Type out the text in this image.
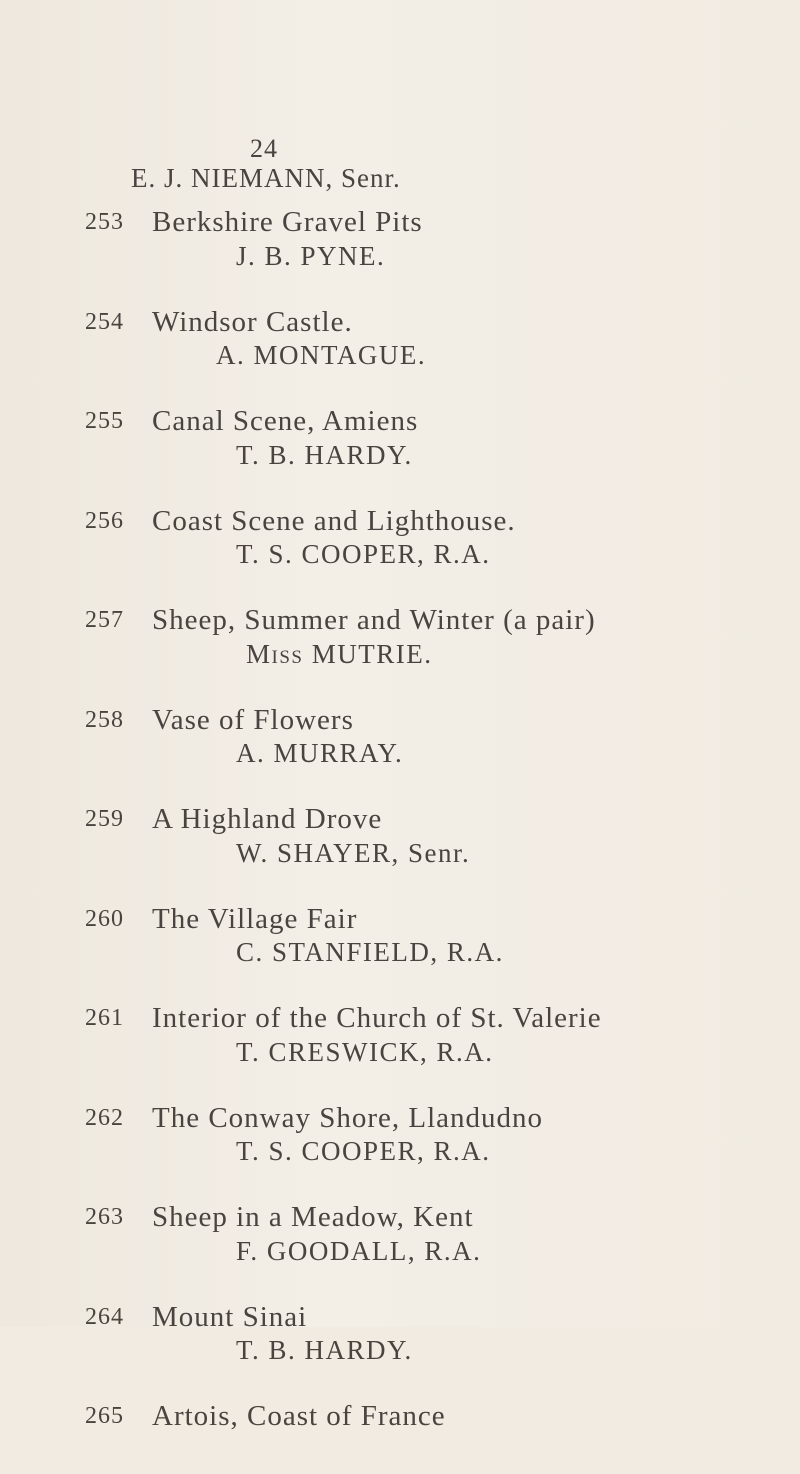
24
E. J. NIEMANN, Senr.
253 Berkshire Gravel Pits
J. B. PYNE.
254 Windsor Castle.
A. MONTAGUE.
255 Canal Scene, Amiens
T. B. HARDY.
256 Coast Scene and Lighthouse.
T. S. COOPER, R.A.
257 Sheep, Summer and Winter (a pair)
Miss MUTRIE.
258 Vase of Flowers
A. MURRAY.
259 A Highland Drove
W. SHAYER, Senr.
260 The Village Fair
C. STANFIELD, R.A.
261 Interior of the Church of St. Valerie
T. CRESWICK, R.A.
262 The Conway Shore, Llandudno
T. S. COOPER, R.A.
263 Sheep in a Meadow, Kent
F. GOODALL, R.A.
264 Mount Sinai
T. B. HARDY.
265 Artois, Coast of France
